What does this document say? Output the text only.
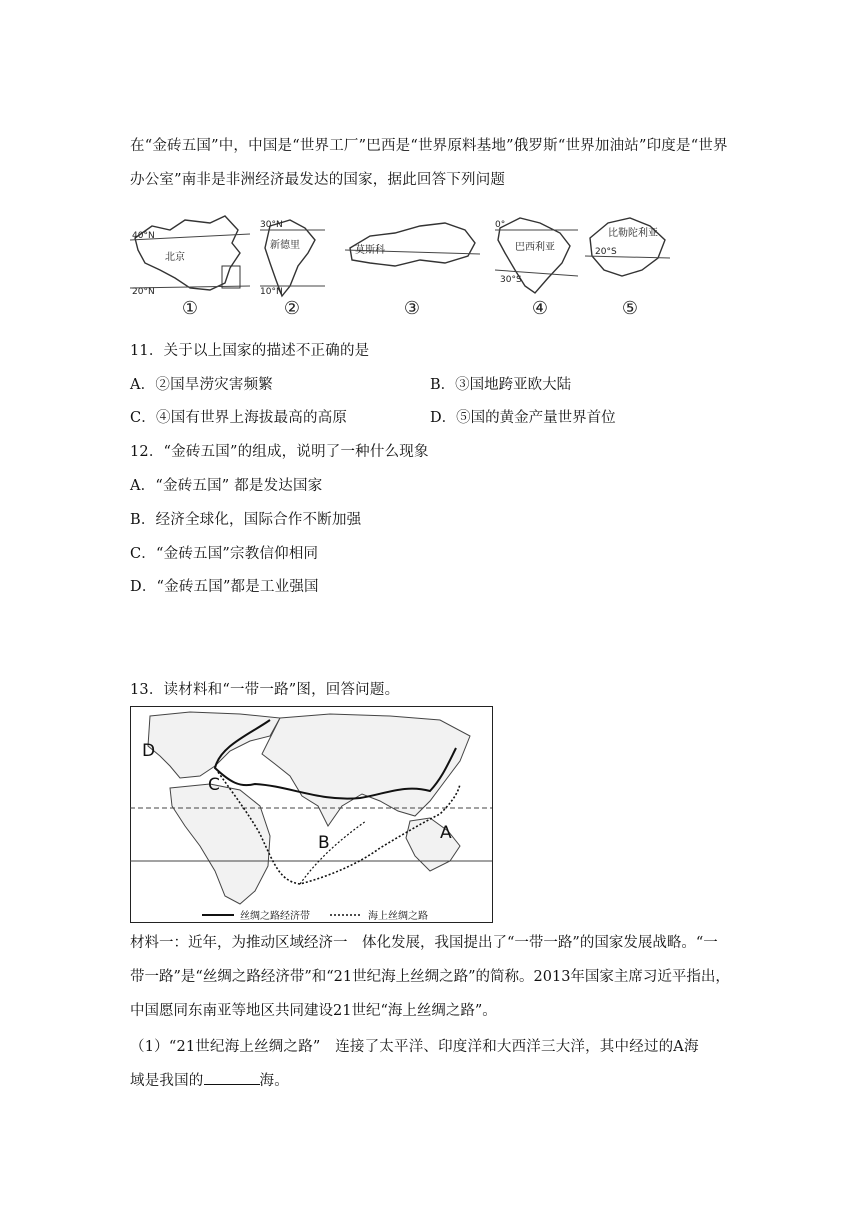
在“金砖五国”中，中国是“世界工厂”巴西是“世界原料基地”俄罗斯“世界加油站”印度是“世界
办公室”南非是非洲经济最发达的国家，据此回答下列问题
40°N
20°N
30°N
10°N
0°
20°S
30°S
北京
新德里	莫斯科	巴西利亚
比勒陀利亚
①	②	③	④	⑤
11．关于以上国家的描述不正确的是
A．②国旱涝灾害频繁	B．③国地跨亚欧大陆
C．④国有世界上海拔最高的高原	D．⑤国的黄金产量世界首位
12．“金砖五国”的组成，说明了一种什么现象
A．“金砖五国” 都是发达国家
B．经济全球化，国际合作不断加强
C．“金砖五国”宗教信仰相同
D．“金砖五国”都是工业强国
13．读材料和“一带一路”图，回答问题。
D
C
B	A
丝绸之路经济带	海上丝绸之路
材料一：近年，为推动区域经济一　体化发展，我国提出了“一带一路”的国家发展战略。“一带一路”是“丝绸之路经济带”和“21世纪海上丝绸之路”的简称。2013年国家主席习近平指出，中国愿同东南亚等地区共同建设21世纪“海上丝绸之路”。
（1）“21世纪海上丝绸之路”　连接了太平洋、印度洋和大西洋三大洋，其中经过的A海
域是我国的	海。
